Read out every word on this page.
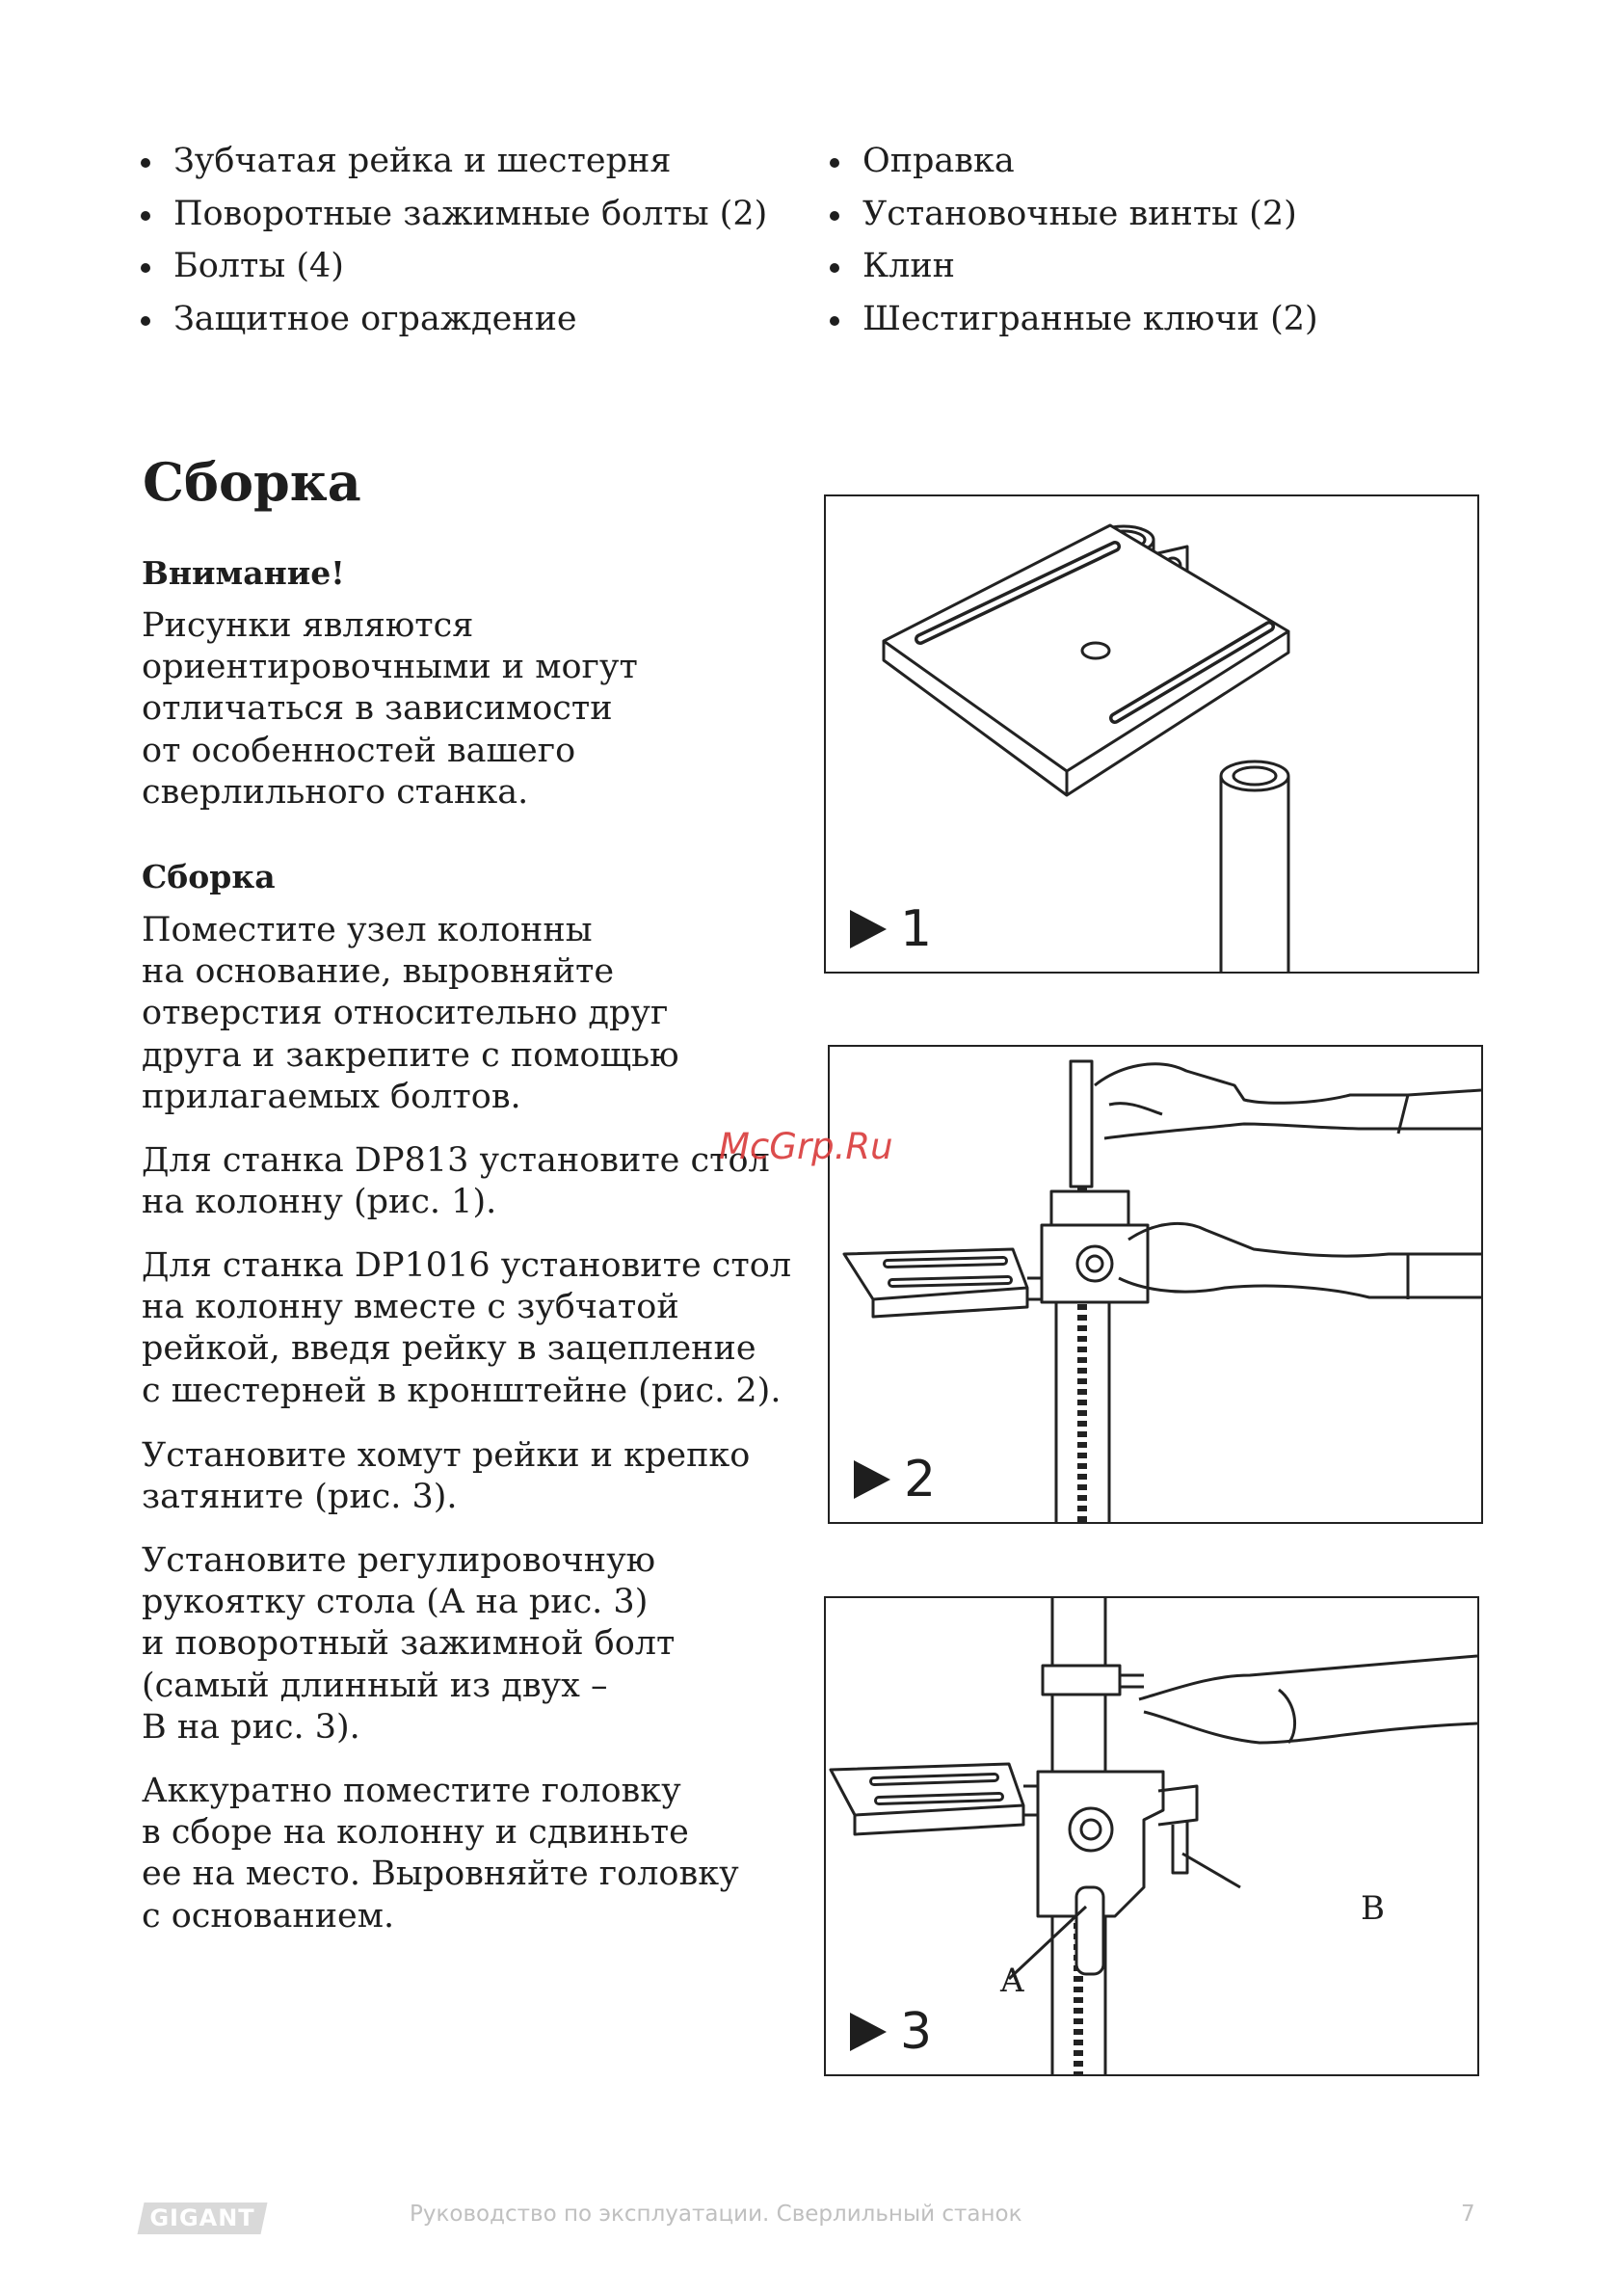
Зубчатая рейка и шестерня
Поворотные зажимные болты (2)
Болты (4)
Защитное ограждение
Оправка
Установочные винты (2)
Клин
Шестигранные ключи (2)
Сборка
Внимание!

Рисунки являются
ориентировочными и могут
отличаться в зависимости
от особенностей вашего
сверлильного станка.

Сборка

Поместите узел колонны
на основание, выровняйте
отверстия относительно друг
друга и закрепите с помощью
прилагаемых болтов.

Для станка DP813 установите стол
на колонну (рис. 1).

Для станка DP1016 установите стол
на колонну вместе с зубчатой
рейкой, введя рейку в зацепление
с шестерней в кронштейне (рис. 2).

Установите хомут рейки и крепко
затяните (рис. 3).

Установите регулировочную
рукоятку стола (А на рис. 3)
и поворотный зажимной болт
(самый длинный из двух –
В на рис. 3).

Аккуратно поместите головку
в сборе на колонну и сдвиньте
ее на место. Выровняйте головку
с основанием.

1
2
B
A
3
McGrp.Ru
GIGANT	Руководство по эксплуатации. Сверлильный станок	7
